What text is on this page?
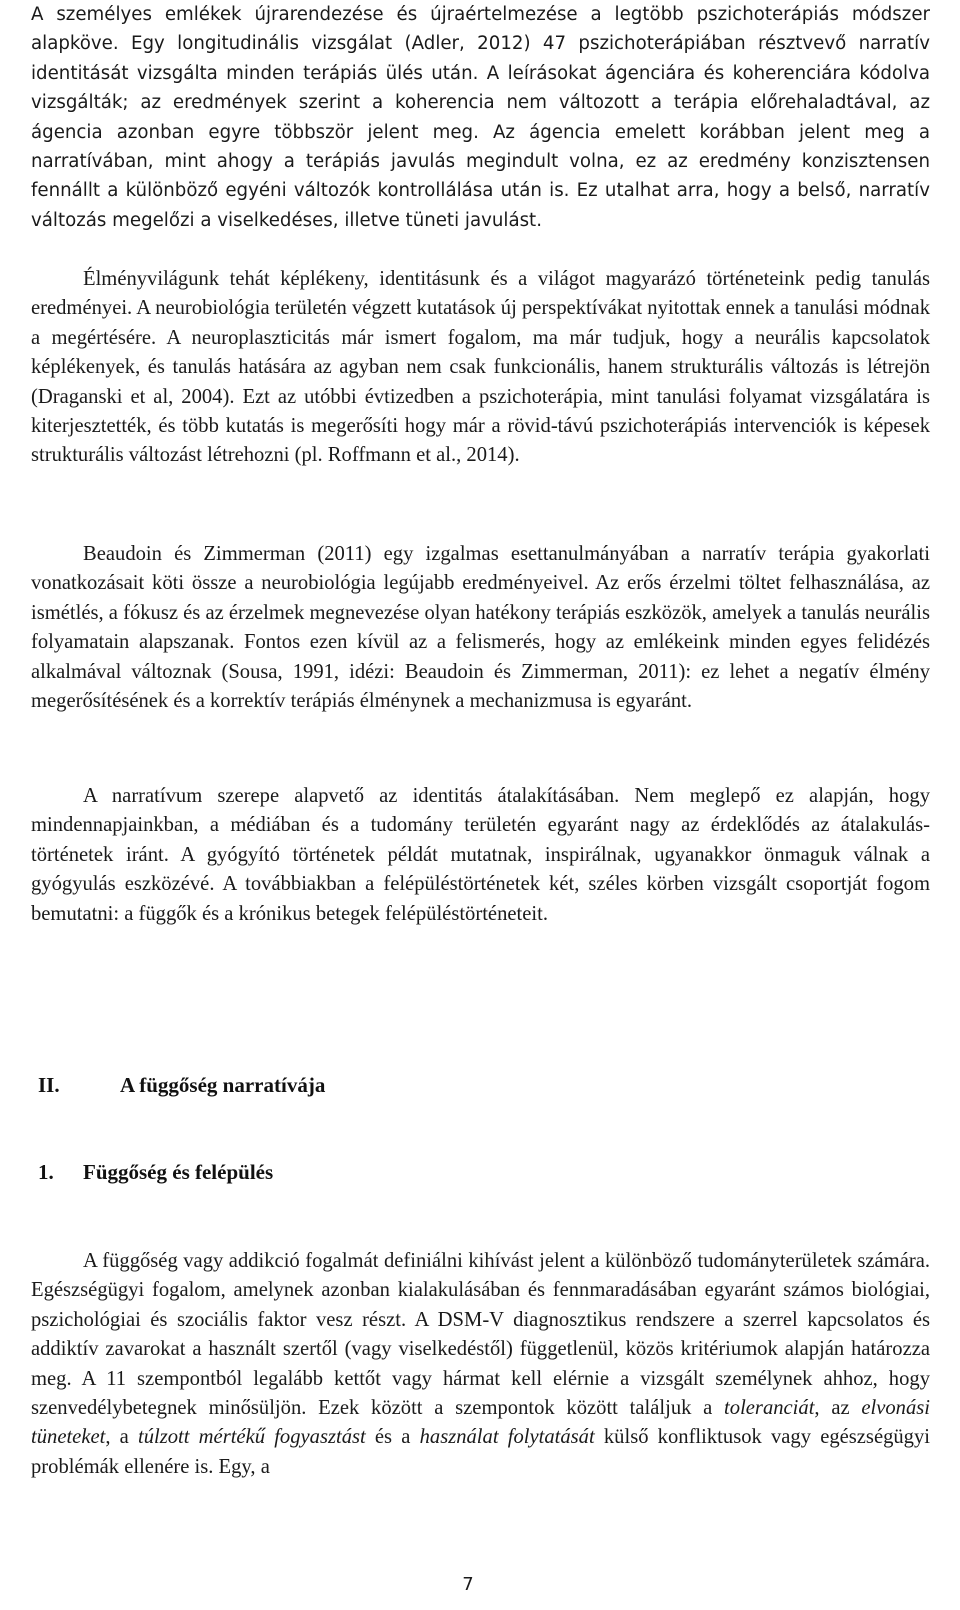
A személyes emlékek újrarendezése és újraértelmezése a legtöbb pszichoterápiás módszer alapköve. Egy longitudinális vizsgálat (Adler, 2012) 47 pszichoterápiában résztvevő narratív identitását vizsgálta minden terápiás ülés után. A leírásokat ágenciára és koherenciára kódolva vizsgálták; az eredmények szerint a koherencia nem változott a terápia előrehaladtával, az ágencia azonban egyre többször jelent meg. Az ágencia emelett korábban jelent meg a narratívában, mint ahogy a terápiás javulás megindult volna, ez az eredmény konzisztensen fennállt a különböző egyéni változók kontrollálása után is. Ez utalhat arra, hogy a belső, narratív változás megelőzi a viselkedéses, illetve tüneti javulást.

Élményvilágunk tehát képlékeny, identitásunk és a világot magyarázó történeteink pedig tanulás eredményei. A neurobiológia területén végzett kutatások új perspektívákat nyitottak ennek a tanulási módnak a megértésére. A neuroplaszticitás már ismert fogalom, ma már tudjuk, hogy a neurális kapcsolatok képlékenyek, és tanulás hatására az agyban nem csak funkcionális, hanem strukturális változás is létrejön (Draganski et al, 2004). Ezt az utóbbi évtizedben a pszichoterápia, mint tanulási folyamat vizsgálatára is kiterjesztették, és több kutatás is megerősíti hogy már a rövid-távú pszichoterápiás intervenciók is képesek strukturális változást létrehozni (pl. Roffmann et al., 2014).

Beaudoin és Zimmerman (2011) egy izgalmas esettanulmányában a narratív terápia gyakorlati vonatkozásait köti össze a neurobiológia legújabb eredményeivel. Az erős érzelmi töltet felhasználása, az ismétlés, a fókusz és az érzelmek megnevezése olyan hatékony terápiás eszközök, amelyek a tanulás neurális folyamatain alapszanak. Fontos ezen kívül az a felismerés, hogy az emlékeink minden egyes felidézés alkalmával változnak (Sousa, 1991, idézi: Beaudoin és Zimmerman, 2011): ez lehet a negatív élmény megerősítésének és a korrektív terápiás élménynek a mechanizmusa is egyaránt.

A narratívum szerepe alapvető az identitás átalakításában. Nem meglepő ez alapján, hogy mindennapjainkban, a médiában és a tudomány területén egyaránt nagy az érdeklődés az átalakulás-történetek iránt. A gyógyító történetek példát mutatnak, inspirálnak, ugyanakkor önmaguk válnak a gyógyulás eszközévé. A továbbiakban a felépüléstörténetek két, széles körben vizsgált csoportját fogom bemutatni: a függők és a krónikus betegek felépüléstörténeteit.

II.	A függőség narratívája
1. Függőség és felépülés

A függőség vagy addikció fogalmát definiálni kihívást jelent a különböző tudományterületek számára. Egészségügyi fogalom, amelynek azonban kialakulásában és fennmaradásában egyaránt számos biológiai, pszichológiai és szociális faktor vesz részt. A DSM-V diagnosztikus rendszere a szerrel kapcsolatos és addiktív zavarokat a használt szertől (vagy viselkedéstől) függetlenül, közös kritériumok alapján határozza meg. A 11 szempontból legalább kettőt vagy hármat kell elérnie a vizsgált személynek ahhoz, hogy szenvedélybetegnek minősüljön. Ezek között a szempontok között találjuk a toleranciát, az elvonási tüneteket, a túlzott mértékű fogyasztást és a használat folytatását külső konfliktusok vagy egészségügyi problémák ellenére is. Egy, a

7
